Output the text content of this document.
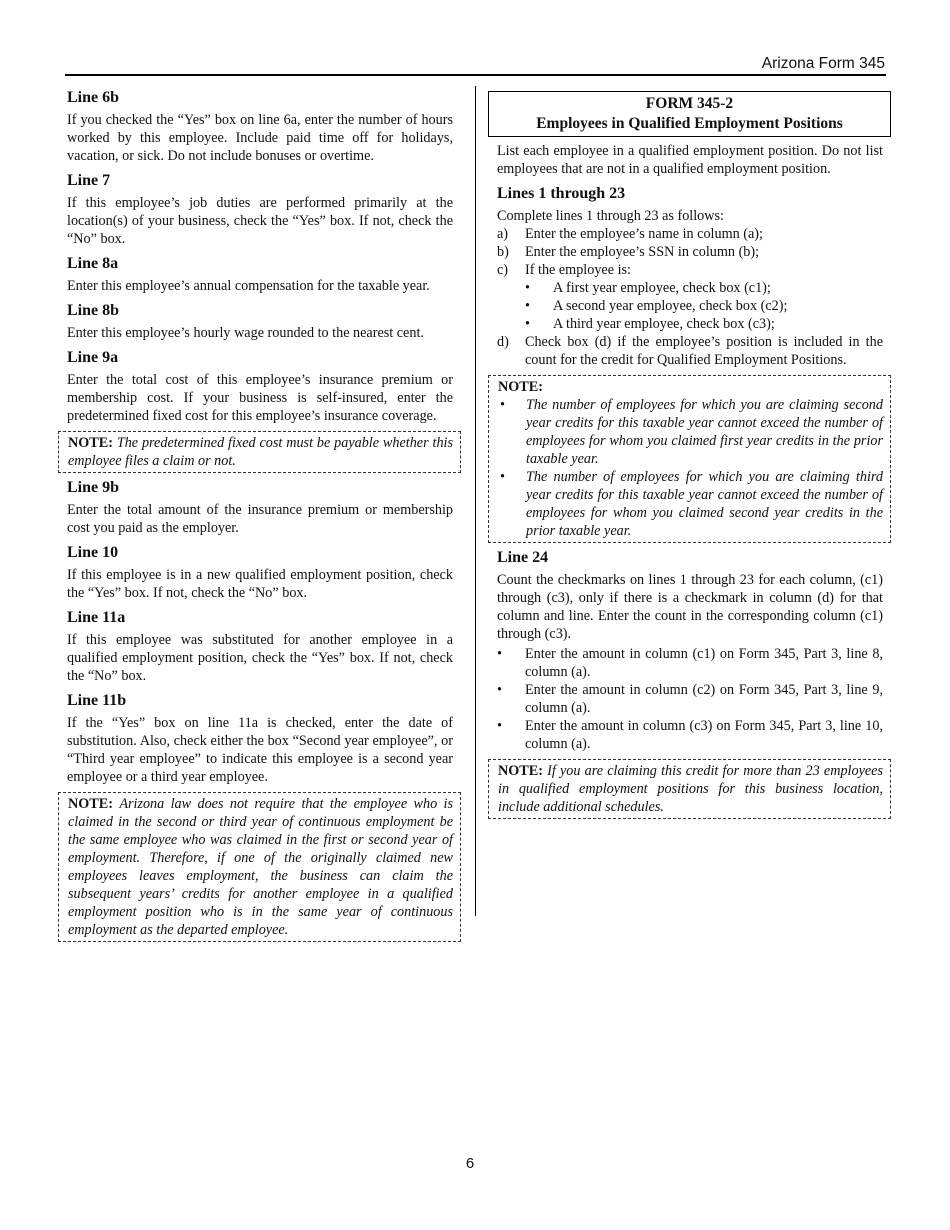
Arizona Form 345
Line 6b

If you checked the “Yes” box on line 6a, enter the number of hours worked by this employee. Include paid time off for holidays, vacation, or sick. Do not include bonuses or overtime.

Line 7

If this employee’s job duties are performed primarily at the location(s) of your business, check the “Yes” box. If not, check the “No” box.

Line 8a

Enter this employee’s annual compensation for the taxable year.

Line 8b

Enter this employee’s hourly wage rounded to the nearest cent.

Line 9a

Enter the total cost of this employee’s insurance premium or membership cost. If your business is self-insured, enter the predetermined fixed cost for this employee’s insurance coverage.

NOTE: The predetermined fixed cost must be payable whether this employee files a claim or not.
Line 9b

Enter the total amount of the insurance premium or membership cost you paid as the employer.

Line 10

If this employee is in a new qualified employment position, check the “Yes” box. If not, check the “No” box.

Line 11a

If this employee was substituted for another employee in a qualified employment position, check the “Yes” box. If not, check the “No” box.

Line 11b

If the “Yes” box on line 11a is checked, enter the date of substitution. Also, check either the box “Second year employee”, or “Third year employee” to indicate this employee is a second year employee or a third year employee.

NOTE: Arizona law does not require that the employee who is claimed in the second or third year of continuous employment be the same employee who was claimed in the first or second year of employment. Therefore, if one of the originally claimed new employees leaves employment, the business can claim the subsequent years’ credits for another employee in a qualified employment position who is in the same year of continuous employment as the departed employee.
FORM 345-2
Employees in Qualified Employment Positions

List each employee in a qualified employment position. Do not list employees that are not in a qualified employment position.

Lines 1 through 23
Complete lines 1 through 23 as follows:
a) Enter the employee’s name in column (a);
b) Enter the employee’s SSN in column (b);
c) If the employee is:
• A first year employee, check box (c1);
• A second year employee, check box (c2);
• A third year employee, check box (c3);
d) Check box (d) if the employee’s position is included in the count for the credit for Qualified Employment Positions.
NOTE:
• The number of employees for which you are claiming second year credits for this taxable year cannot exceed the number of employees for whom you claimed first year credits in the prior taxable year.
• The number of employees for which you are claiming third year credits for this taxable year cannot exceed the number of employees for whom you claimed second year credits in the prior taxable year.
Line 24

Count the checkmarks on lines 1 through 23 for each column, (c1) through (c3), only if there is a checkmark in column (d) for that column and line. Enter the count in the corresponding column (c1) through (c3).

• Enter the amount in column (c1) on Form 345, Part 3, line 8, column (a).
• Enter the amount in column (c2) on Form 345, Part 3, line 9, column (a).
• Enter the amount in column (c3) on Form 345, Part 3, line 10, column (a).
NOTE: If you are claiming this credit for more than 23 employees in qualified employment positions for this business location, include additional schedules.
6
